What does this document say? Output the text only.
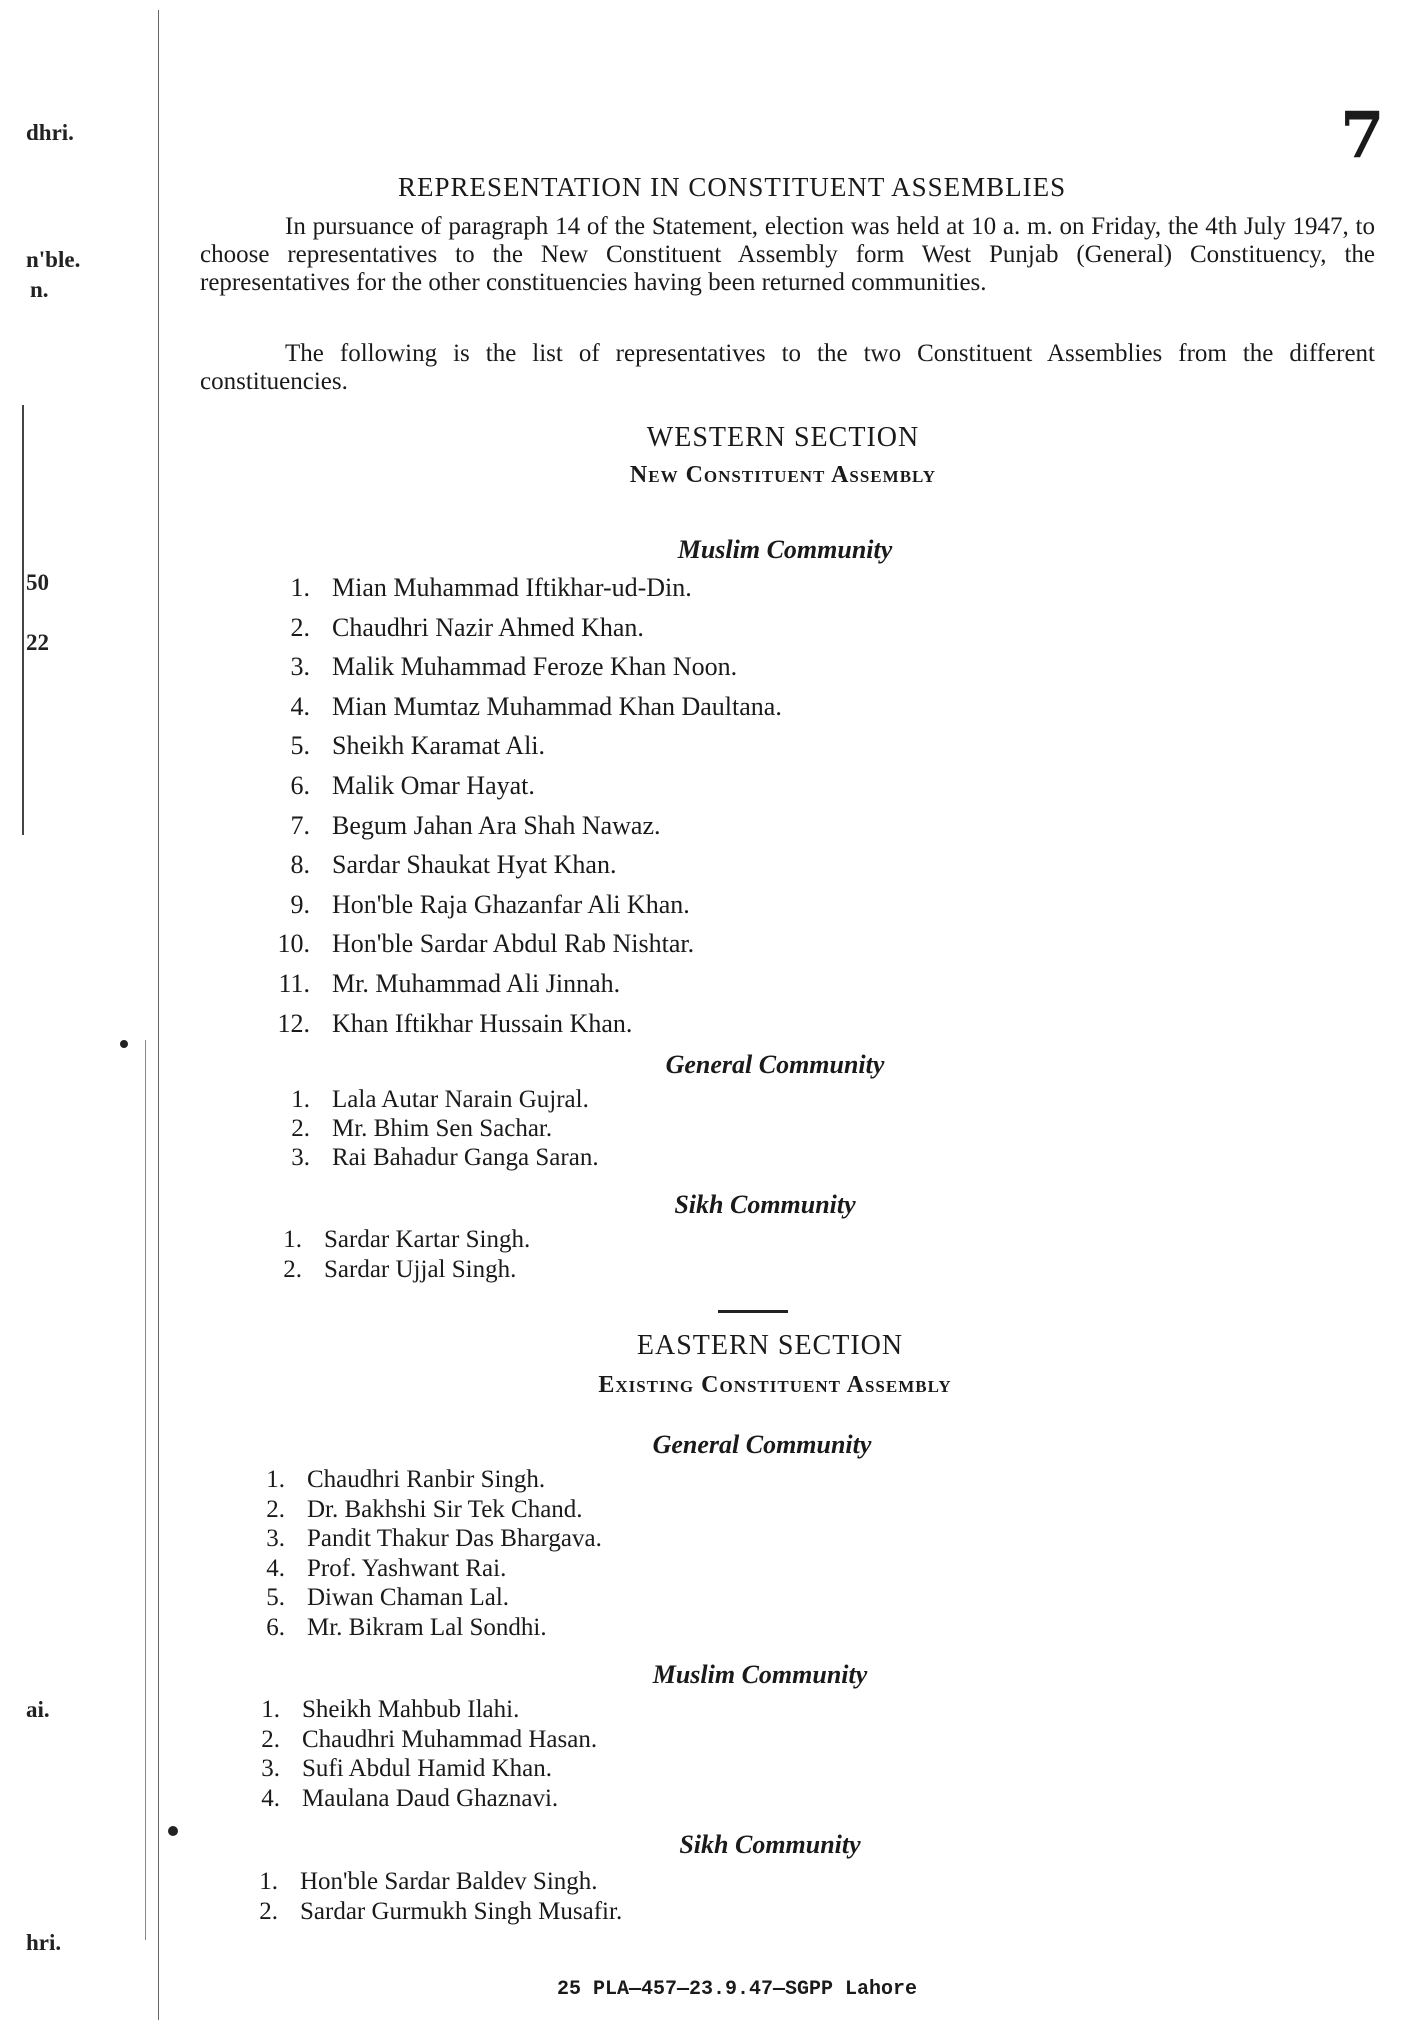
dhri.
n'ble.
n.
50
22
ai.
hri.
7
REPRESENTATION IN CONSTITUENT ASSEMBLIES
In pursuance of paragraph 14 of the Statement, election was held at 10 a. m. on Friday, the 4th July 1947, to choose representatives to the New Constituent Assembly form West Punjab (General) Constituency, the representatives for the other constituencies having been returned communities.
The following is the list of representatives to the two Constituent Assemblies from the different constituencies.
WESTERN SECTION
New Constituent Assembly
Muslim Community
1. Mian Muhammad Iftikhar-ud-Din.
2. Chaudhri Nazir Ahmed Khan.
3. Malik Muhammad Feroze Khan Noon.
4. Mian Mumtaz Muhammad Khan Daultana.
5. Sheikh Karamat Ali.
6. Malik Omar Hayat.
7. Begum Jahan Ara Shah Nawaz.
8. Sardar Shaukat Hyat Khan.
9. Hon'ble Raja Ghazanfar Ali Khan.
10. Hon'ble Sardar Abdul Rab Nishtar.
11. Mr. Muhammad Ali Jinnah.
12. Khan Iftikhar Hussain Khan.
General Community
1. Lala Autar Narain Gujral.
2. Mr. Bhim Sen Sachar.
3. Rai Bahadur Ganga Saran.
Sikh Community
1. Sardar Kartar Singh.
2. Sardar Ujjal Singh.
EASTERN SECTION
Existing Constituent Assembly
General Community
1. Chaudhri Ranbir Singh.
2. Dr. Bakhshi Sir Tek Chand.
3. Pandit Thakur Das Bhargava.
4. Prof. Yashwant Rai.
5. Diwan Chaman Lal.
6. Mr. Bikram Lal Sondhi.
Muslim Community
1. Sheikh Mahbub Ilahi.
2. Chaudhri Muhammad Hasan.
3. Sufi Abdul Hamid Khan.
4. Maulana Daud Ghaznavi.
Sikh Community
1. Hon'ble Sardar Baldev Singh.
2. Sardar Gurmukh Singh Musafir.
25 PLA—457—23.9.47—SGPP Lahore
